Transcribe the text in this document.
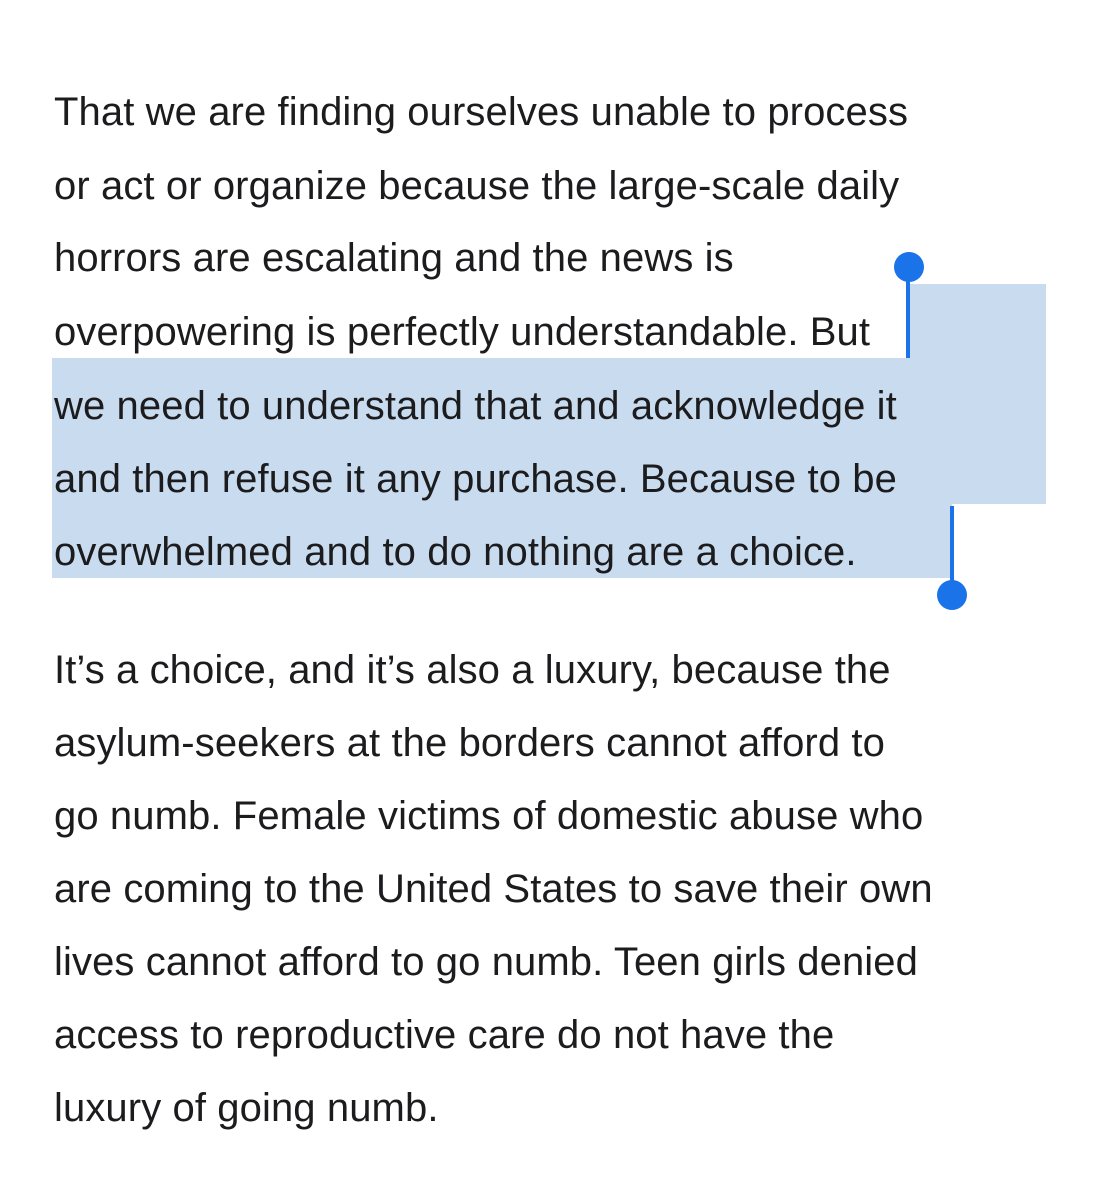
That we are finding ourselves unable to process
or act or organize because the large-scale daily
horrors are escalating and the news is
overpowering is perfectly understandable. But
we need to understand that and acknowledge it
and then refuse it any purchase. Because to be
overwhelmed and to do nothing are a choice.
It’s a choice, and it’s also a luxury, because the
asylum-seekers at the borders cannot afford to
go numb. Female victims of domestic abuse who
are coming to the United States to save their own
lives cannot afford to go numb. Teen girls denied
access to reproductive care do not have the
luxury of going numb.
